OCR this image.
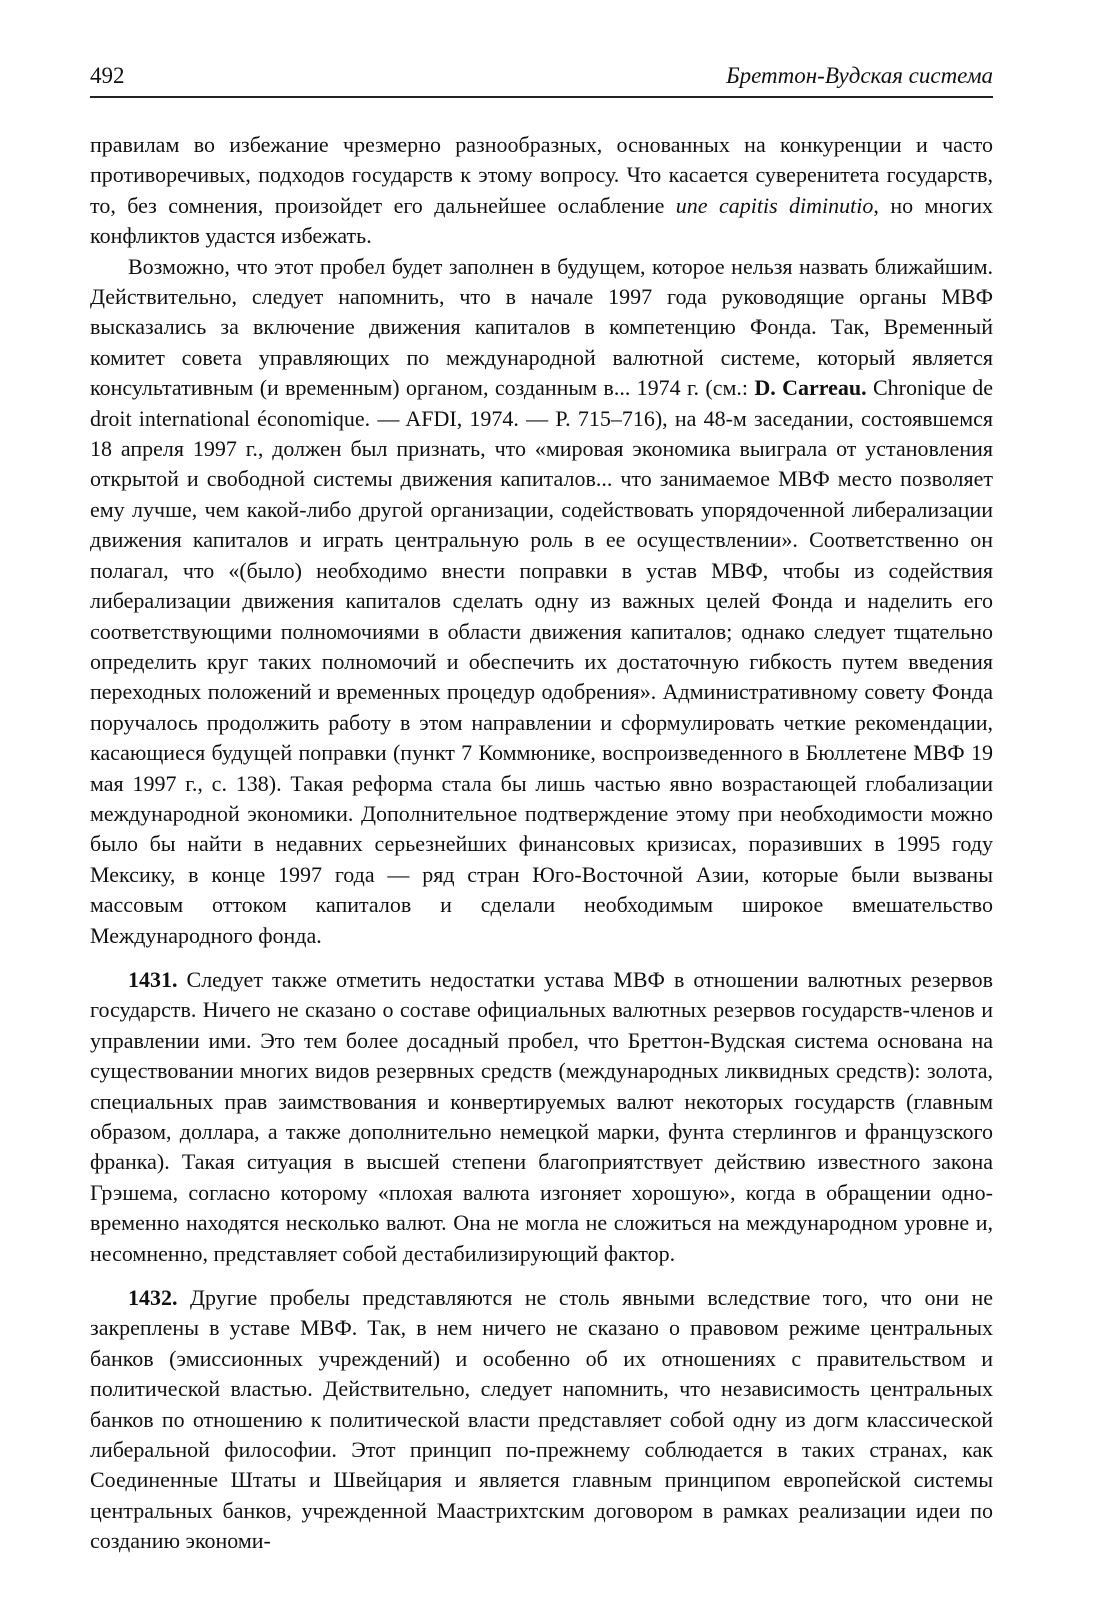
492	Бреттон-Вудская система

правилам во избежание чрезмерно разнообразных, основанных на конкуренции и часто противоречивых, подходов государств к этому вопросу. Что касается суверенитета государств, то, без сомнения, произойдет его дальнейшее ослабление une capitis diminutio, но многих конфликтов удастся избежать.

Возможно, что этот пробел будет заполнен в будущем, которое нельзя назвать ближайшим. Действительно, следует напомнить, что в начале 1997 года руководящие органы МВФ высказались за включение движения капиталов в компетенцию Фонда. Так, Временный комитет совета управляющих по международной валютной системе, который является консультативным (и временным) органом, созданным в... 1974 г. (см.: D. Carreau. Chronique de droit international économique. — AFDI, 1974. — P. 715–716), на 48-м заседании, состоявшемся 18 апреля 1997 г., должен был признать, что «мировая экономика выиграла от установления открытой и свободной системы движения капиталов... что занимаемое МВФ место позволяет ему лучше, чем какой-либо другой организации, содействовать упорядоченной либерализации движения капиталов и играть центральную роль в ее осуществлении». Соответственно он полагал, что «(было) необходимо внести поправки в устав МВФ, чтобы из содействия либерализации движения капиталов сделать одну из важных целей Фонда и наделить его соответствующими полномочиями в области движения капиталов; однако следует тщательно определить круг таких полномочий и обеспечить их достаточную гибкость путем введения переходных положений и временных процедур одобрения». Административному совету Фонда поручалось продолжить работу в этом направлении и сформулировать четкие рекомендации, касающиеся будущей поправки (пункт 7 Коммюнике, воспроизведенного в Бюллетене МВФ 19 мая 1997 г., с. 138). Такая реформа стала бы лишь частью явно возрастающей глобализации международной экономики. Дополнительное подтверждение этому при необходимости можно было бы найти в недавних серьезнейших финансовых кризисах, поразивших в 1995 году Мексику, в конце 1997 года — ряд стран Юго-Восточной Азии, которые были вызваны массовым оттоком капиталов и сделали необходимым широкое вмешательство Международного фонда.

1431. Следует также отметить недостатки устава МВФ в отношении валютных резервов государств. Ничего не сказано о составе официальных валютных резервов государств-членов и управлении ими. Это тем более досадный пробел, что Бреттон-Вудская система основана на существовании многих видов резервных средств (международных ликвидных средств): золота, специальных прав заимствования и конвертируемых валют некоторых государств (главным образом, доллара, а также дополнительно немецкой марки, фунта стерлингов и французского франка). Такая ситуация в высшей степени благоприятствует действию известного закона Грэшема, согласно которому «плохая валюта изгоняет хорошую», когда в обращении одновременно находятся несколько валют. Она не могла не сложиться на международном уровне и, несомненно, представляет собой дестабилизирующий фактор.

1432. Другие пробелы представляются не столь явными вследствие того, что они не закреплены в уставе МВФ. Так, в нем ничего не сказано о правовом режиме центральных банков (эмиссионных учреждений) и особенно об их отношениях с правительством и политической властью. Действительно, следует напомнить, что независимость центральных банков по отношению к политической власти представляет собой одну из догм классической либеральной философии. Этот принцип по-прежнему соблюдается в таких странах, как Соединенные Штаты и Швейцария и является главным принципом европейской системы центральных банков, учрежденной Маастрихтским договором в рамках реализации идеи по созданию экономи-
